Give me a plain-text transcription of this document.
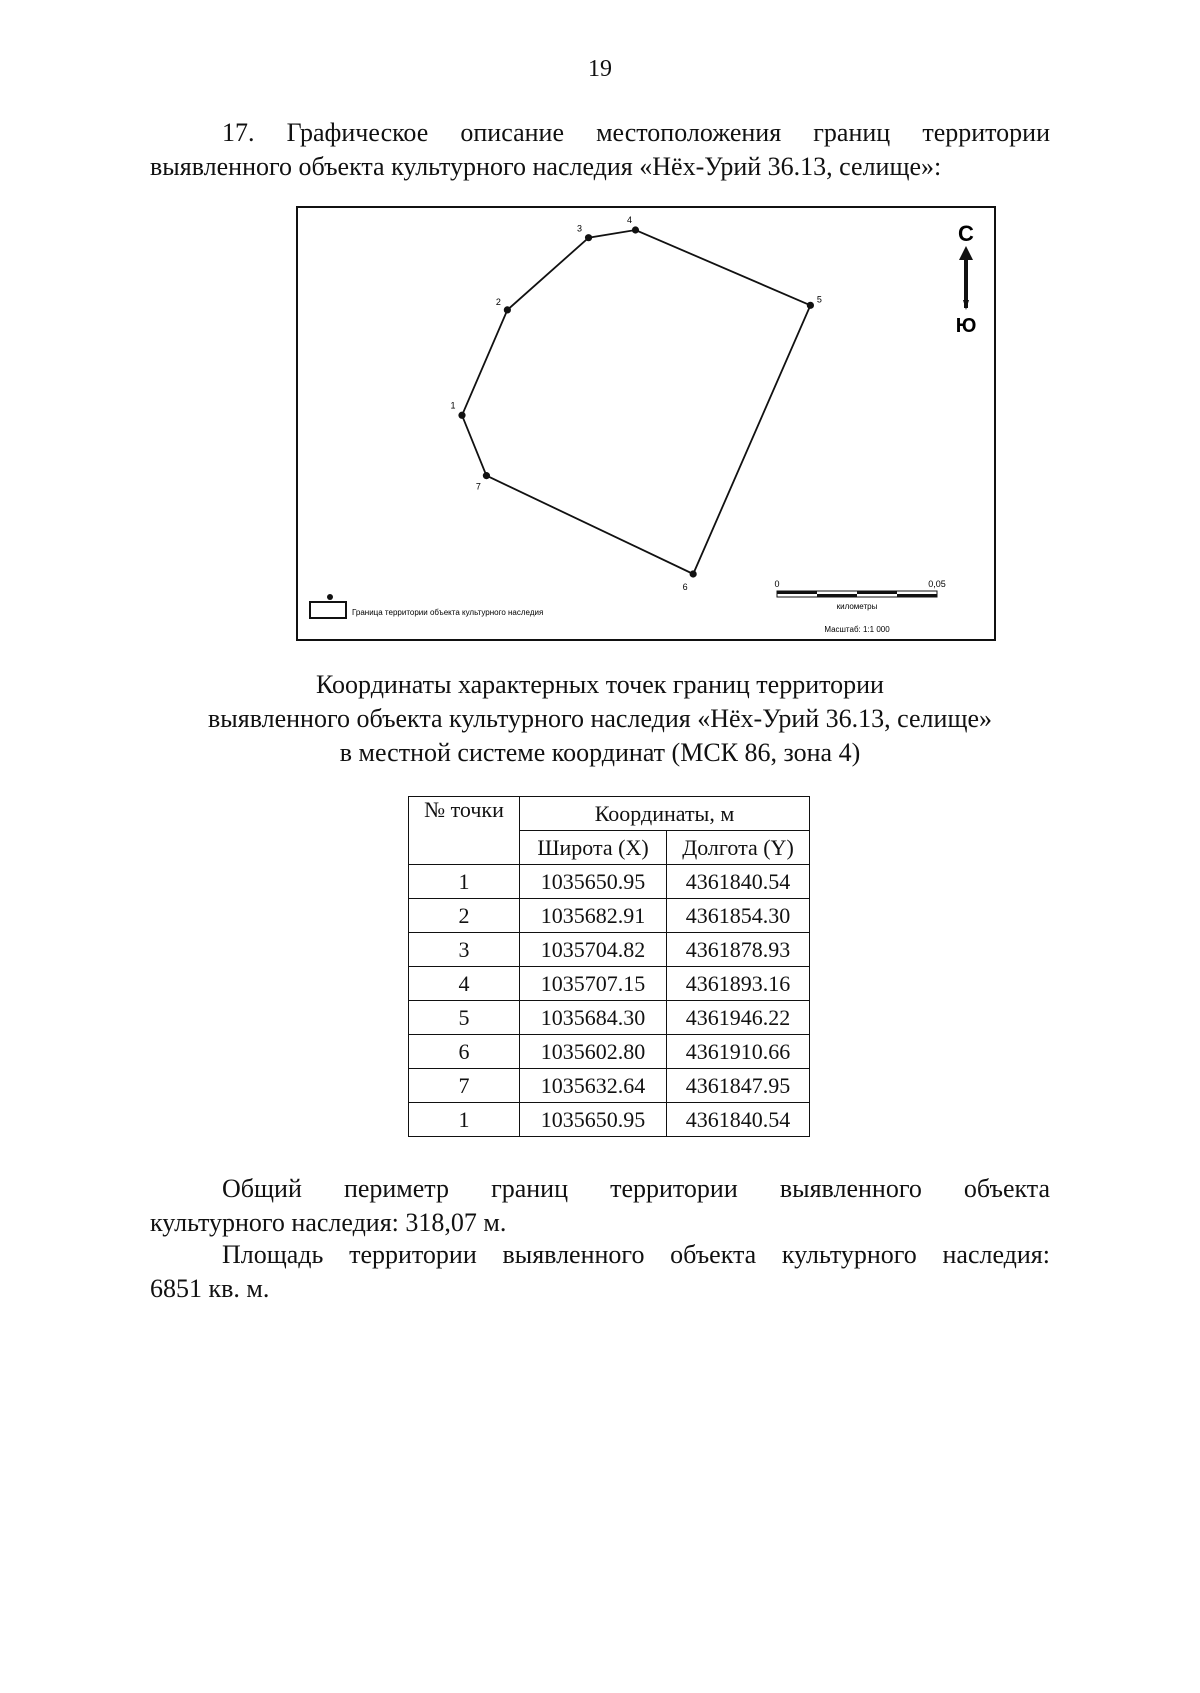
19
17. Графическое описание местоположения границ территории
выявленного объекта культурного наследия «Нёх-Урий 36.13, селище»:
1
2
3
4
5
6
7
С
Ю
Граница территории объекта культурного наследия
0	0,05
километры
Масштаб: 1:1 000
Координаты характерных точек границ территории
выявленного объекта культурного наследия «Нёх-Урий 36.13, селище»
в местной системе координат (МСК 86, зона 4)
№ точки	Координаты, м	
	Широта (X)	Долгота (Y)
1	1035650.95	4361840.54
2	1035682.91	4361854.30
3	1035704.82	4361878.93
4	1035707.15	4361893.16
5	1035684.30	4361946.22
6	1035602.80	4361910.66
7	1035632.64	4361847.95
1	1035650.95	4361840.54
Общий периметр границ территории выявленного объекта
культурного наследия: 318,07 м.
Площадь территории выявленного объекта культурного наследия:
6851 кв. м.
